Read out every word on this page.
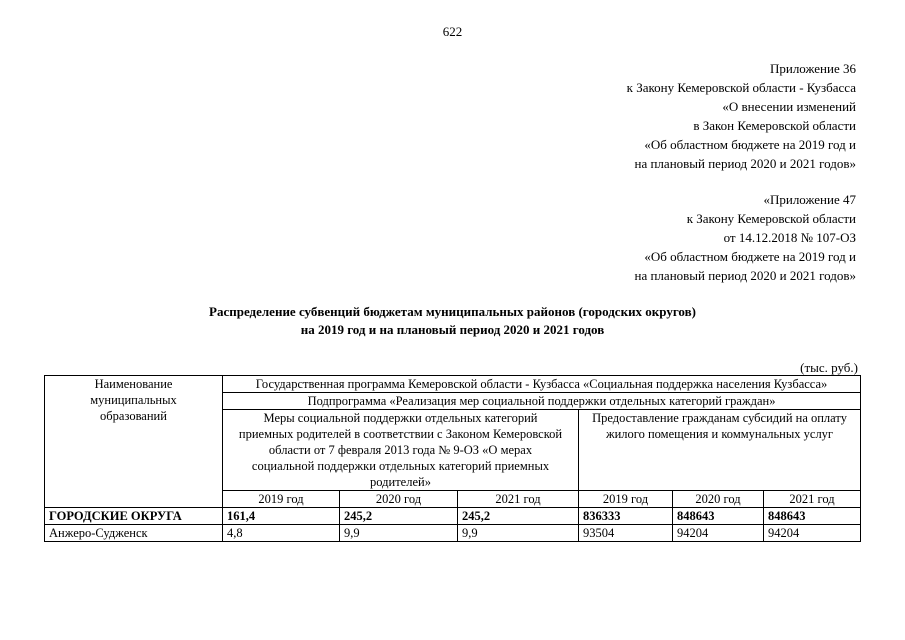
622
Приложение 36
к Закону Кемеровской области - Кузбасса
«О внесении изменений
в Закон Кемеровской области
«Об областном бюджете на 2019 год и
на плановый период 2020 и 2021 годов»
«Приложение 47
к Закону Кемеровской области
от 14.12.2018 № 107-ОЗ
«Об областном бюджете на 2019 год и
на плановый период 2020 и 2021 годов»
Распределение субвенций бюджетам муниципальных районов (городских округов)
на 2019 год и на плановый период 2020 и 2021 годов
(тыс. руб.)
Наименование муниципальных образований	Государственная программа Кемеровской области - Кузбасса «Социальная поддержка населения Кузбасса»					
	Подпрограмма «Реализация мер социальной поддержки отдельных категорий граждан»					
	Меры социальной поддержки отдельных категорий приемных родителей в соответствии с Законом Кемеровской области от 7 февраля 2013 года № 9-ОЗ «О мерах социальной поддержки отдельных категорий приемных родителей»			Предоставление гражданам субсидий на оплату жилого помещения и коммунальных услуг		
	2019 год	2020 год	2021 год	2019 год	2020 год	2021 год
ГОРОДСКИЕ ОКРУГА	161,4	245,2	245,2	836333	848643	848643
Анжеро-Судженск	4,8	9,9	9,9	93504	94204	94204
